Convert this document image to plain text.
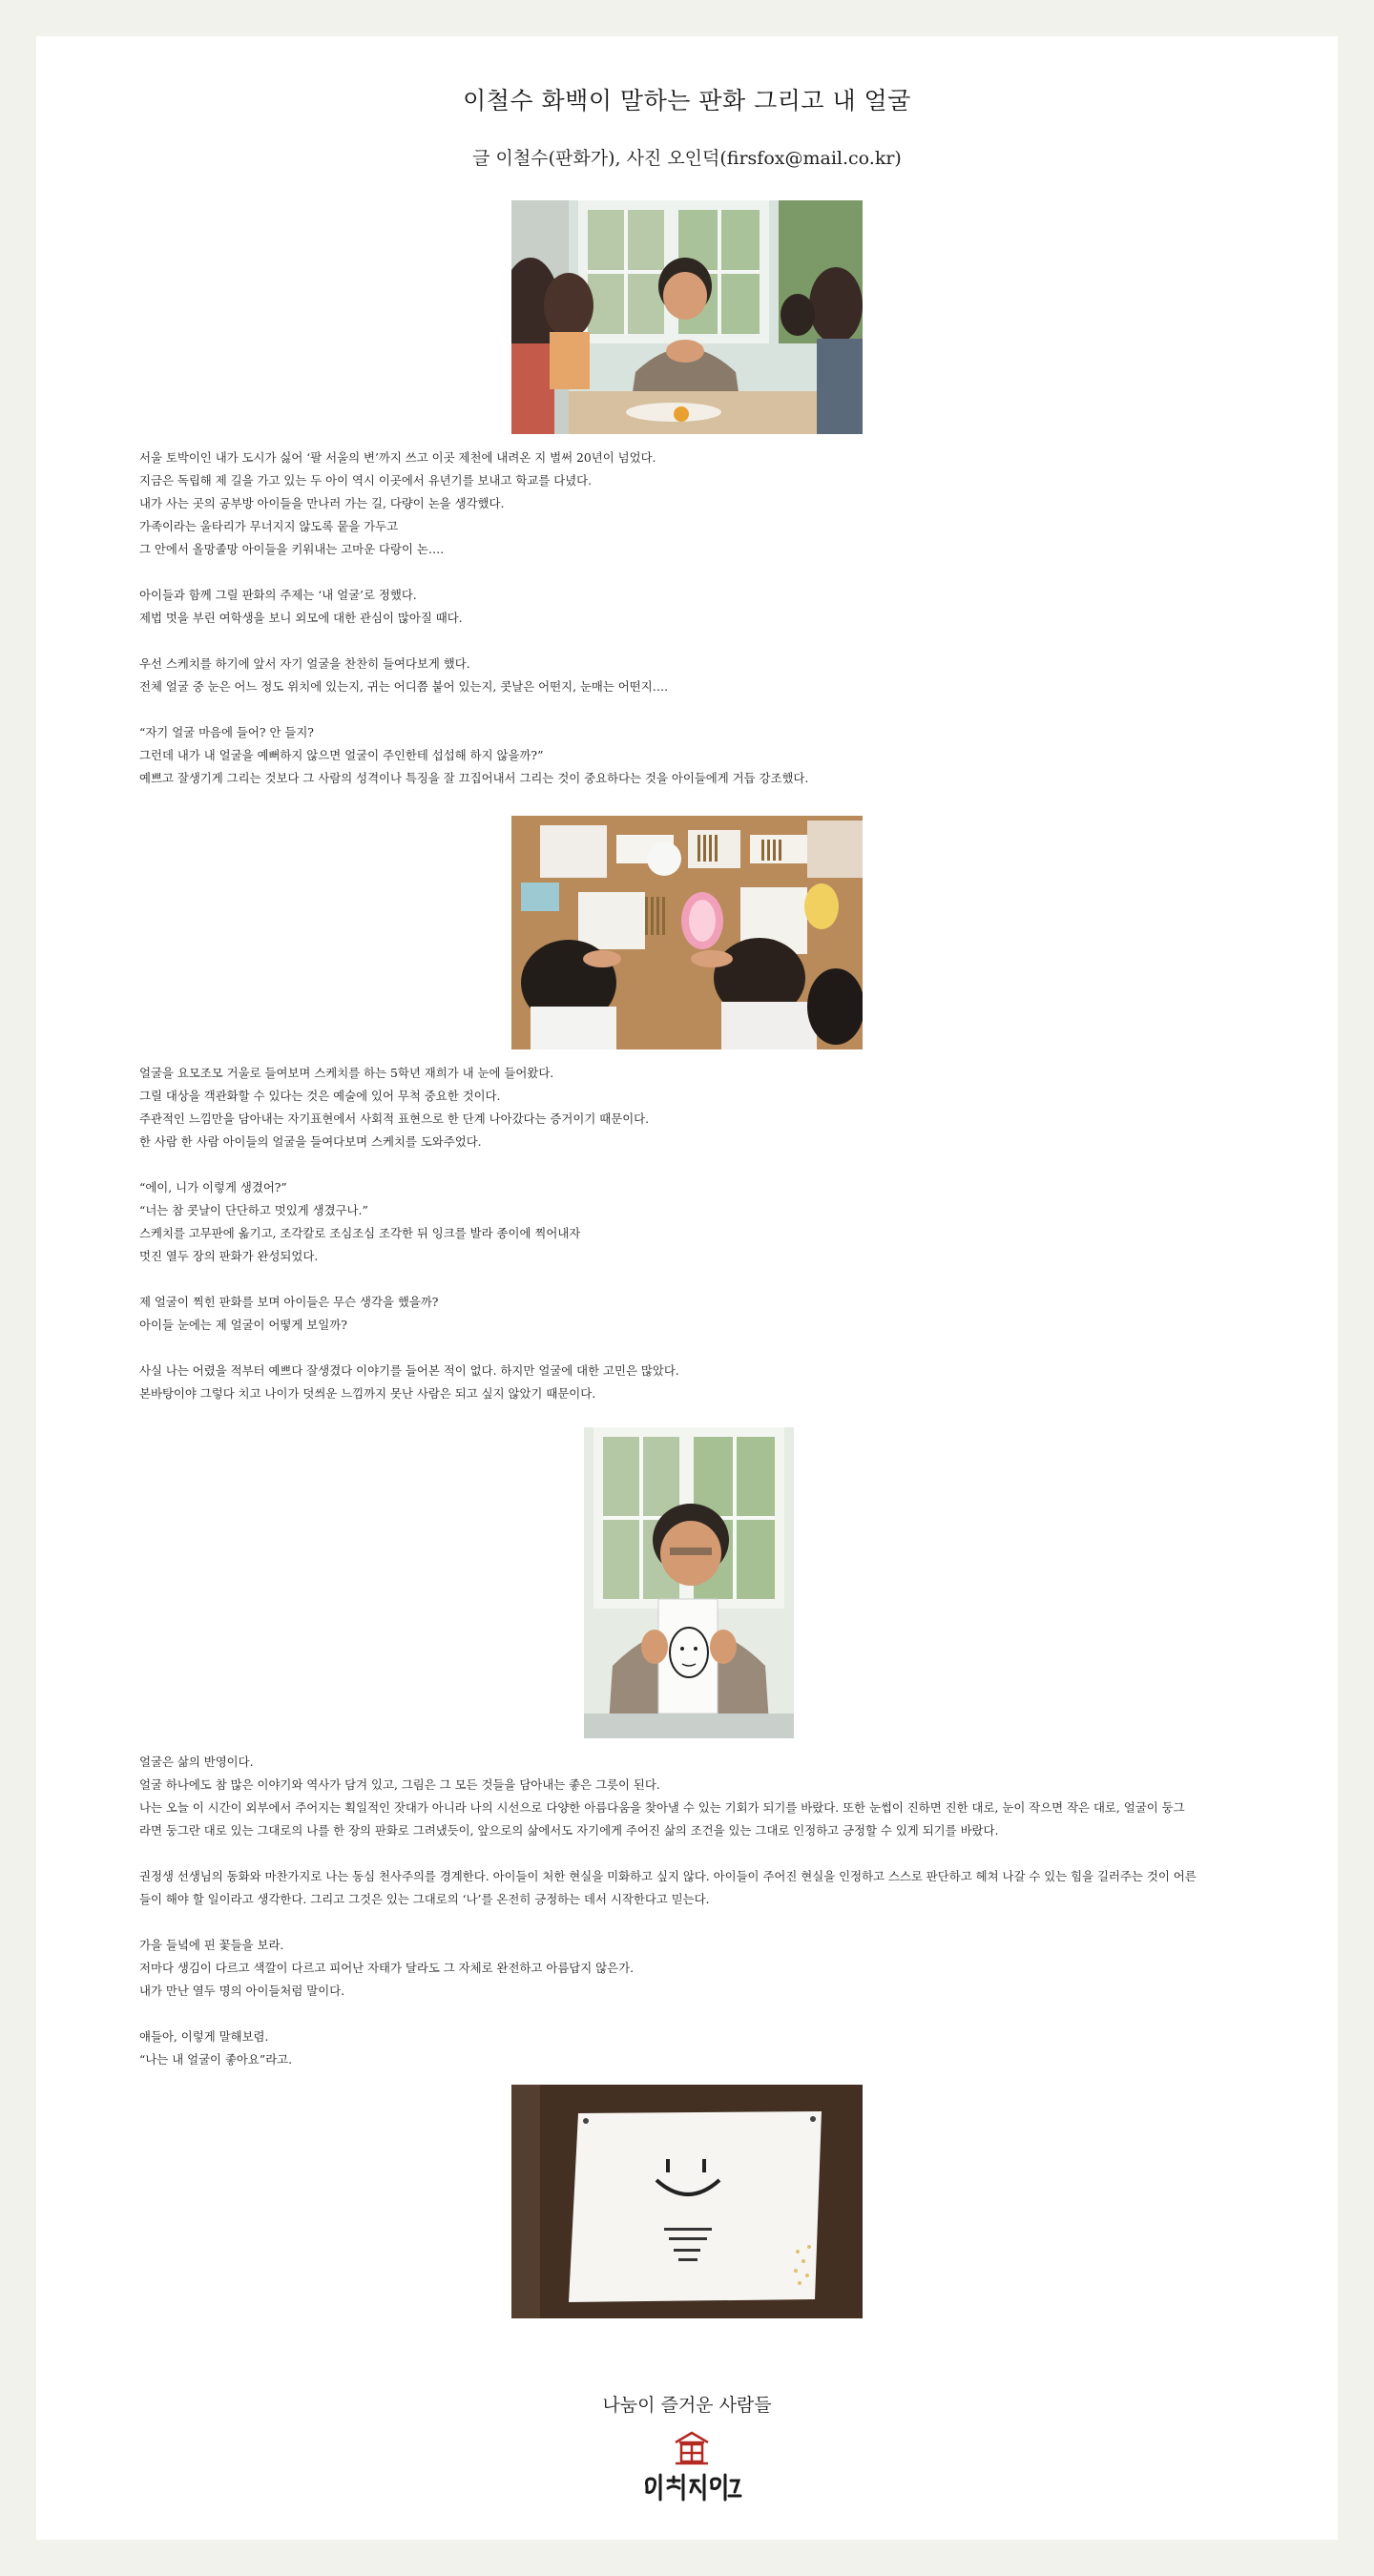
이철수 화백이 말하는 판화 그리고 내 얼굴
글 이철수(판화가), 사진 오인덕(firsfox@mail.co.kr)
서울 토박이인 내가 도시가 싫어 ‘팔 서울의 변’까지 쓰고 이곳 제천에 내려온 지 벌써 20년이 넘었다.
지금은 독립해 제 길을 가고 있는 두 아이 역시 이곳에서 유년기를 보내고 학교를 다녔다.
내가 사는 곳의 공부방 아이들을 만나러 가는 길, 다량이 논을 생각했다.
가족이라는 울타리가 무너지지 않도록 뭍을 가두고
그 안에서 올망졸망 아이들을 키워내는 고마운 다랑이 논….
아이들과 함께 그릴 판화의 주제는 ‘내 얼굴’로 정했다.
제법 멋을 부린 여학생을 보니 외모에 대한 관심이 많아질 때다.
우선 스케치를 하기에 앞서 자기 얼굴을 찬찬히 들여다보게 했다.
전체 얼굴 중 눈은 어느 정도 위치에 있는지, 귀는 어디쯤 붙어 있는지, 콧날은 어떤지, 눈매는 어떤지….
“자기 얼굴 마음에 들어? 안 들지?
그런데 내가 내 얼굴을 예뻐하지 않으면 얼굴이 주인한테 섭섭해 하지 않을까?”
예쁘고 잘생기게 그리는 것보다 그 사람의 성격이나 특징을 잘 끄집어내서 그리는 것이 중요하다는 것을 아이들에게 거듭 강조했다.
얼굴을 요모조모 거울로 들여보며 스케치를 하는 5학년 재희가 내 눈에 들어왔다.
그릴 대상을 객관화할 수 있다는 것은 예술에 있어 무척 중요한 것이다.
주관적인 느낌만을 담아내는 자기표현에서 사회적 표현으로 한 단계 나아갔다는 증거이기 때문이다.
한 사람 한 사람 아이들의 얼굴을 들여다보며 스케치를 도와주었다.
“에이, 니가 이렇게 생겼어?”
“너는 참 콧날이 단단하고 멋있게 생겼구나.”
스케치를 고무판에 옮기고, 조각칼로 조심조심 조각한 뒤 잉크를 발라 종이에 찍어내자
멋진 열두 장의 판화가 완성되었다.
제 얼굴이 찍힌 판화를 보며 아이들은 무슨 생각을 했을까?
아이들 눈에는 제 얼굴이 어떻게 보일까?
사실 나는 어렸을 적부터 예쁘다 잘생겼다 이야기를 들어본 적이 없다. 하지만 얼굴에 대한 고민은 많았다.
본바탕이야 그렇다 치고 나이가 덧씌운 느낌까지 못난 사람은 되고 싶지 않았기 때문이다.
얼굴은 삶의 반영이다.
얼굴 하나에도 참 많은 이야기와 역사가 담겨 있고, 그림은 그 모든 것들을 담아내는 좋은 그릇이 된다.
나는 오늘 이 시간이 외부에서 주어지는 획일적인 잣대가 아니라 나의 시선으로 다양한 아름다움을 찾아낼 수 있는 기회가 되기를 바랐다. 또한 눈썹이 진하면 진한 대로, 눈이 작으면 작은 대로, 얼굴이 둥그
라면 둥그란 대로 있는 그대로의 나를 한 장의 판화로 그려냈듯이, 앞으로의 삶에서도 자기에게 주어진 삶의 조건을 있는 그대로 인정하고 긍정할 수 있게 되기를 바랐다.
권정생 선생님의 동화와 마찬가지로 나는 동심 천사주의를 경계한다. 아이들이 처한 현실을 미화하고 싶지 않다. 아이들이 주어진 현실을 인정하고 스스로 판단하고 헤쳐 나갈 수 있는 힘을 길러주는 것이 어른
들이 해야 할 일이라고 생각한다. 그리고 그것은 있는 그대로의 ‘나’를 온전히 긍정하는 데서 시작한다고 믿는다.
가을 들녘에 핀 꽃들을 보라.
저마다 생김이 다르고 색깔이 다르고 피어난 자태가 달라도 그 자체로 완전하고 아름답지 않은가.
내가 만난 열두 명의 아이들처럼 말이다.
얘들아, 이렇게 말해보렴.
“나는 내 얼굴이 좋아요”라고.
나눔이 즐거운 사람들
